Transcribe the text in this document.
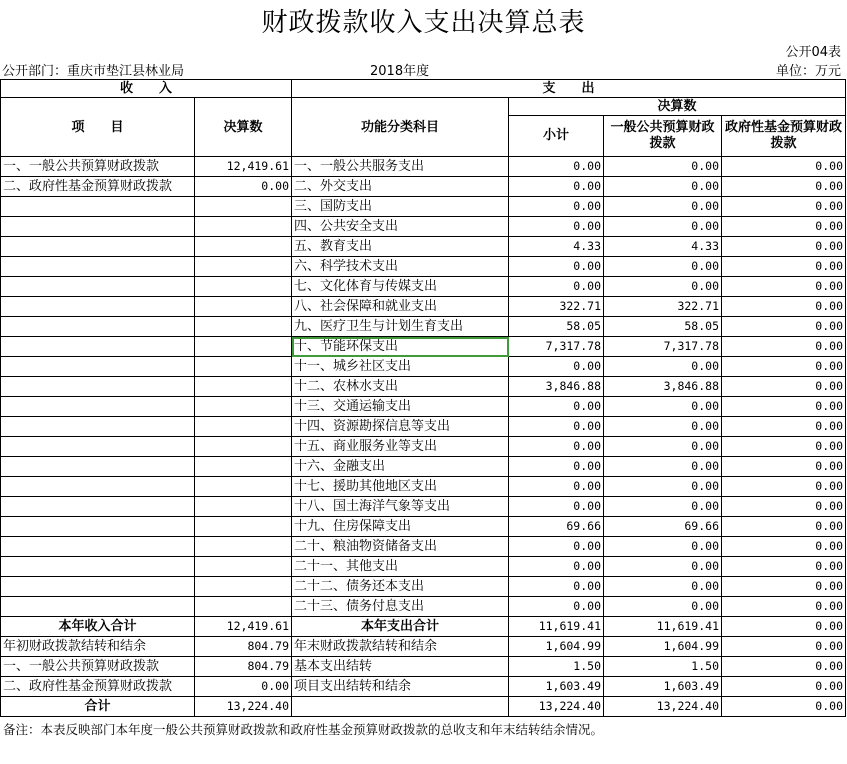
财政拨款收入支出决算总表
公开04表
公开部门：重庆市垫江县林业局	2018年度	单位：万元
收　　入		支　　出			
项　　目	决算数	功能分类科目	决算数		
			小计	一般公共预算财政拨款	政府性基金预算财政拨款
一、一般公共预算财政拨款	12,419.61	一、一般公共服务支出	0.00	0.00	0.00
二、政府性基金预算财政拨款	0.00	二、外交支出	0.00	0.00	0.00
		三、国防支出	0.00	0.00	0.00
		四、公共安全支出	0.00	0.00	0.00
		五、教育支出	4.33	4.33	0.00
		六、科学技术支出	0.00	0.00	0.00
		七、文化体育与传媒支出	0.00	0.00	0.00
		八、社会保障和就业支出	322.71	322.71	0.00
		九、医疗卫生与计划生育支出	58.05	58.05	0.00
		十、节能环保支出	7,317.78	7,317.78	0.00
		十一、城乡社区支出	0.00	0.00	0.00
		十二、农林水支出	3,846.88	3,846.88	0.00
		十三、交通运输支出	0.00	0.00	0.00
		十四、资源勘探信息等支出	0.00	0.00	0.00
		十五、商业服务业等支出	0.00	0.00	0.00
		十六、金融支出	0.00	0.00	0.00
		十七、援助其他地区支出	0.00	0.00	0.00
		十八、国土海洋气象等支出	0.00	0.00	0.00
		十九、住房保障支出	69.66	69.66	0.00
		二十、粮油物资储备支出	0.00	0.00	0.00
		二十一、其他支出	0.00	0.00	0.00
		二十二、债务还本支出	0.00	0.00	0.00
		二十三、债务付息支出	0.00	0.00	0.00
本年收入合计	12,419.61	本年支出合计	11,619.41	11,619.41	0.00
年初财政拨款结转和结余	804.79	年末财政拨款结转和结余	1,604.99	1,604.99	0.00
一、一般公共预算财政拨款	804.79	基本支出结转	1.50	1.50	0.00
二、政府性基金预算财政拨款	0.00	项目支出结转和结余	1,603.49	1,603.49	0.00
合计	13,224.40		13,224.40	13,224.40	0.00
备注：本表反映部门本年度一般公共预算财政拨款和政府性基金预算财政拨款的总收支和年末结转结余情况。
